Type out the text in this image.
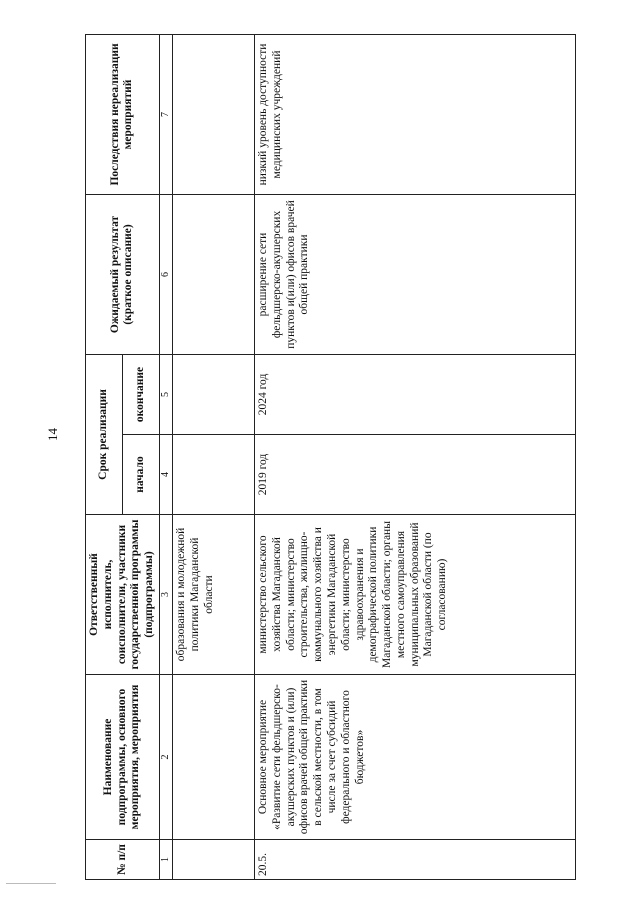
14
№ п/п	Наименование подпрограммы, основного мероприятия, мероприятия	Ответственный исполнитель, соисполнители, участники государственной программы (подпрограммы)	Срок реализации		Ожидаемый результат (краткое описание)	Последствия нереализации мероприятий
			начало	окончание		
1	2	3	4	5	6	7
		образования и молодежной политики Магаданской области				
20.5.	Основное мероприятие «Развитие сети фельдшерско-акушерских пунктов и (или) офисов врачей общей практики в сельской местности, в том числе за счет субсидий федерального и областного бюджетов»	министерство сельского хозяйства Магаданской области; министерство строительства, жилищно-коммунального хозяйства и энергетики Магаданской области; министерство здравоохранения и демографической политики Магаданской области; органы местного самоуправления муниципальных образований Магаданской области (по согласованию)	2019 год	2024 год	расширение сети фельдшерско-акушерских пунктов и(или) офисов врачей общей практики	низкий уровень доступности медицинских учреждений
